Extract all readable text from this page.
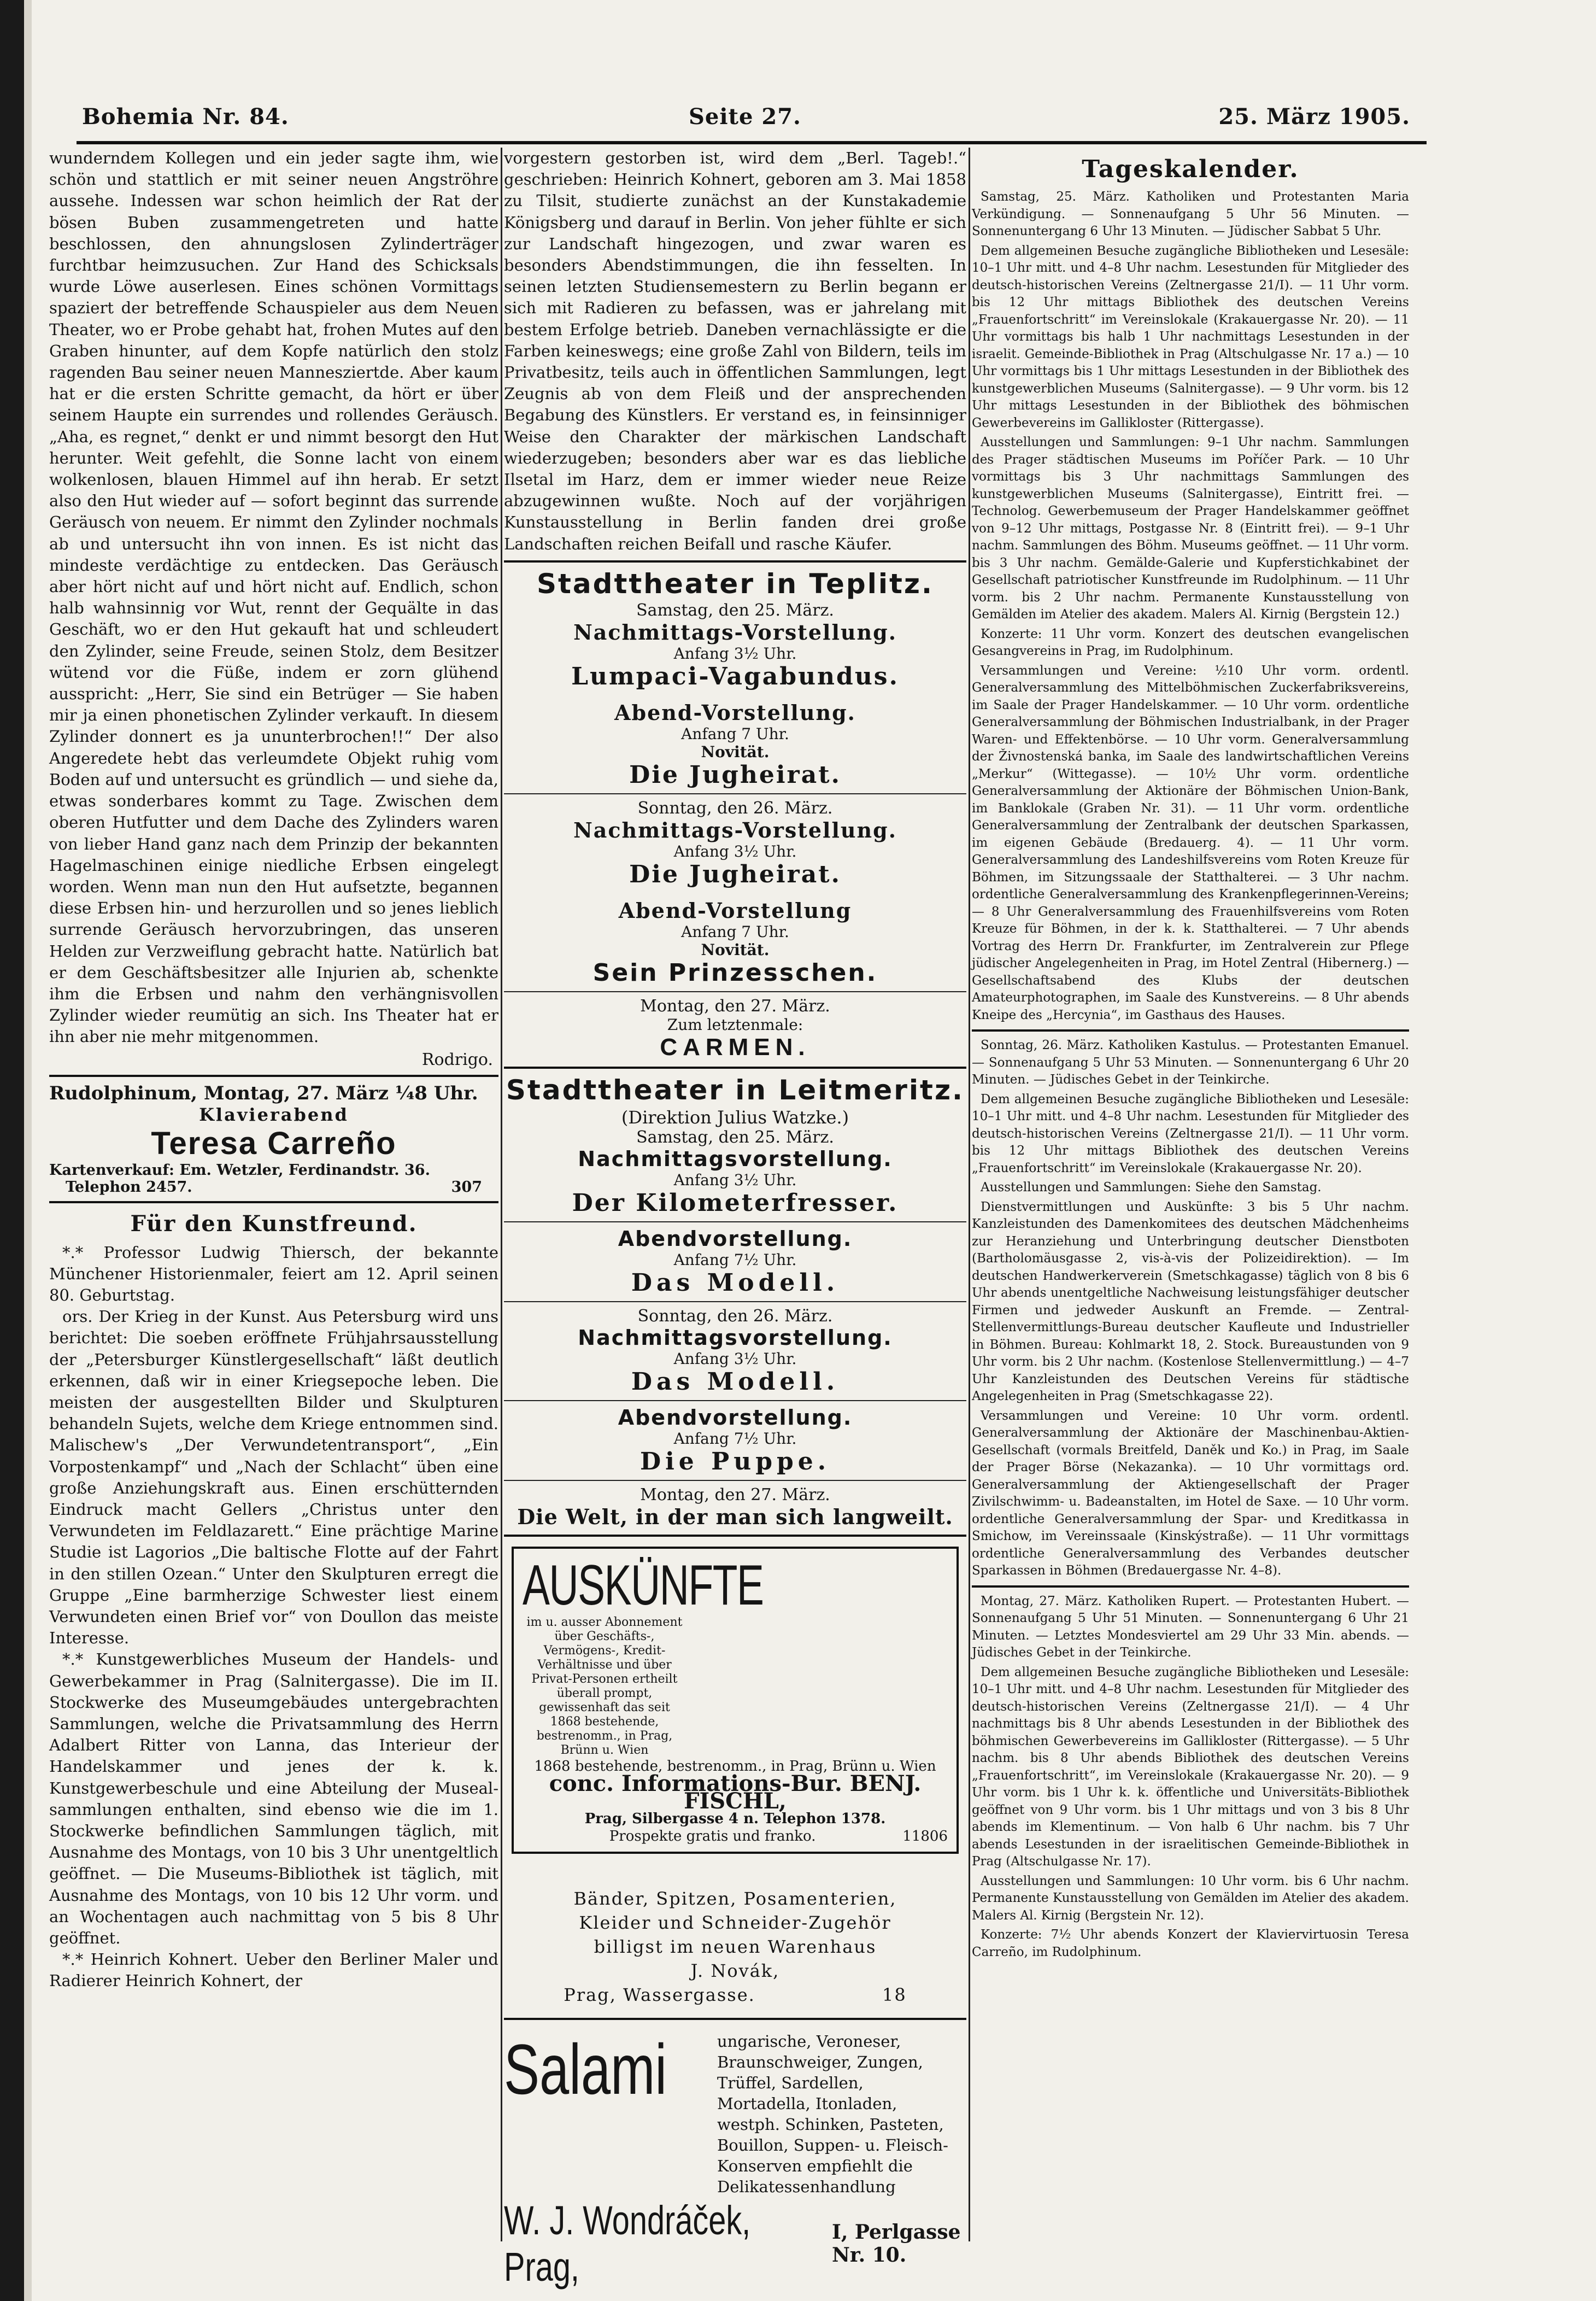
Bohemia Nr. 84.	Seite 27.	25. März 1905.

wunderndem Kollegen und ein jeder sagte ihm, wie schön und stattlich er mit seiner neuen Angströhre aussehe. Indessen war schon heimlich der Rat der bösen Buben zusammengetreten und hatte beschlossen, den ahnungslosen Zylinderträger furchtbar heimzusuchen. Zur Hand des Schicksals wurde Löwe auserlesen. Eines schönen Vormittags spaziert der betreffende Schauspieler aus dem Neuen Theater, wo er Probe gehabt hat, frohen Mutes auf den Graben hinunter, auf dem Kopfe natürlich den stolz ragenden Bau seiner neuen Mannesziertde. Aber kaum hat er die ersten Schritte gemacht, da hört er über seinem Haupte ein surrendes und rollendes Geräusch. „Aha, es regnet,“ denkt er und nimmt besorgt den Hut herunter. Weit gefehlt, die Sonne lacht von einem wolkenlosen, blauen Himmel auf ihn herab. Er setzt also den Hut wieder auf — sofort beginnt das surrende Geräusch von neuem. Er nimmt den Zylinder nochmals ab und untersucht ihn von innen. Es ist nicht das mindeste verdächtige zu entdecken. Das Geräusch aber hört nicht auf und hört nicht auf. Endlich, schon halb wahnsinnig vor Wut, rennt der Gequälte in das Geschäft, wo er den Hut gekauft hat und schleudert den Zylinder, seine Freude, seinen Stolz, dem Besitzer wütend vor die Füße, indem er zorn glühend ausspricht: „Herr, Sie sind ein Betrüger — Sie haben mir ja einen phonetischen Zylinder verkauft. In diesem Zylinder donnert es ja ununterbrochen!!“ Der also Angeredete hebt das verleumdete Objekt ruhig vom Boden auf und untersucht es gründlich — und siehe da, etwas sonderbares kommt zu Tage. Zwischen dem oberen Hutfutter und dem Dache des Zylinders waren von lieber Hand ganz nach dem Prinzip der bekannten Hagelmaschinen einige niedliche Erbsen eingelegt worden. Wenn man nun den Hut aufsetzte, begannen diese Erbsen hin- und herzurollen und so jenes lieblich surrende Geräusch hervorzubringen, das unseren Helden zur Verzweiflung gebracht hatte. Natürlich bat er dem Geschäftsbesitzer alle Injurien ab, schenkte ihm die Erbsen und nahm den verhängnisvollen Zylinder wieder reumütig an sich. Ins Theater hat er ihn aber nie mehr mitgenommen.

Rodrigo.
Rudolphinum, Montag, 27. März ¼8 Uhr.
Klavierabend
Teresa Carreño
Kartenverkauf: Em. Wetzler, Ferdinandstr. 36.
Telephon 2457.	307
Für den Kunstfreund.

*.* Professor Ludwig Thiersch, der bekannte Münchener Historienmaler, feiert am 12. April seinen 80. Geburtstag.

ors. Der Krieg in der Kunst. Aus Petersburg wird uns berichtet: Die soeben eröffnete Frühjahrsausstellung der „Petersburger Künstlergesellschaft“ läßt deutlich erkennen, daß wir in einer Kriegsepoche leben. Die meisten der ausgestellten Bilder und Skulpturen behandeln Sujets, welche dem Kriege entnommen sind. Malischew's „Der Verwundetentransport“, „Ein Vorpostenkampf“ und „Nach der Schlacht“ üben eine große Anziehungskraft aus. Einen erschütternden Eindruck macht Gellers „Christus unter den Verwundeten im Feldlazarett.“ Eine prächtige Marine Studie ist Lagorios „Die baltische Flotte auf der Fahrt in den stillen Ozean.“ Unter den Skulpturen erregt die Gruppe „Eine barmherzige Schwester liest einem Verwundeten einen Brief vor“ von Doullon das meiste Interesse.

*.* Kunstgewerbliches Museum der Handels- und Gewerbekammer in Prag (Salnitergasse). Die im II. Stockwerke des Museumgebäudes untergebrachten Sammlungen, welche die Privatsammlung des Herrn Adalbert Ritter von Lanna, das Interieur der Handelskammer und jenes der k. k. Kunstgewerbeschule und eine Abteilung der Musealsammlungen enthalten, sind ebenso wie die im 1. Stockwerke befindlichen Sammlungen täglich, mit Ausnahme des Montags, von 10 bis 3 Uhr unentgeltlich geöffnet. — Die Museums-Bibliothek ist täglich, mit Ausnahme des Montags, von 10 bis 12 Uhr vorm. und an Wochentagen auch nachmittag von 5 bis 8 Uhr geöffnet.

*.* Heinrich Kohnert. Ueber den Berliner Maler und Radierer Heinrich Kohnert, der

vorgestern gestorben ist, wird dem „Berl. Tageb!.“ geschrieben: Heinrich Kohnert, geboren am 3. Mai 1858 zu Tilsit, studierte zunächst an der Kunstakademie Königsberg und darauf in Berlin. Von jeher fühlte er sich zur Landschaft hingezogen, und zwar waren es besonders Abendstimmungen, die ihn fesselten. In seinen letzten Studiensemestern zu Berlin begann er sich mit Radieren zu befassen, was er jahrelang mit bestem Erfolge betrieb. Daneben vernachlässigte er die Farben keineswegs; eine große Zahl von Bildern, teils im Privatbesitz, teils auch in öffentlichen Sammlungen, legt Zeugnis ab von dem Fleiß und der ansprechenden Begabung des Künstlers. Er verstand es, in feinsinniger Weise den Charakter der märkischen Landschaft wiederzugeben; besonders aber war es das liebliche Ilsetal im Harz, dem er immer wieder neue Reize abzugewinnen wußte. Noch auf der vorjährigen Kunstausstellung in Berlin fanden drei große Landschaften reichen Beifall und rasche Käufer.

Stadttheater in Teplitz.
Samstag, den 25. März.
Nachmittags-Vorstellung.
Anfang 3½ Uhr.
Lumpaci-Vagabundus.
Abend-Vorstellung.
Anfang 7 Uhr.
Novität.
Die Jugheirat.
Sonntag, den 26. März.
Nachmittags-Vorstellung.
Anfang 3½ Uhr.
Die Jugheirat.
Abend-Vorstellung
Anfang 7 Uhr.
Novität.
Sein Prinzesschen.
Montag, den 27. März.
Zum letztenmale:
CARMEN.
Stadttheater in Leitmeritz.
(Direktion Julius Watzke.)
Samstag, den 25. März.
Nachmittagsvorstellung.
Anfang 3½ Uhr.
Der Kilometerfresser.
Abendvorstellung.
Anfang 7½ Uhr.
Das Modell.
Sonntag, den 26. März.
Nachmittagsvorstellung.
Anfang 3½ Uhr.
Das Modell.
Abendvorstellung.
Anfang 7½ Uhr.
Die Puppe.
Montag, den 27. März.
Die Welt, in der man sich langweilt.
AUSKÜNFTE
im u. ausser Abonnement über Geschäfts-, Vermögens-, Kredit-Verhältnisse und über Privat-Personen ertheilt überall prompt, gewissenhaft das seit 1868 bestehende, bestrenomm., in Prag, Brünn u. Wien
1868 bestehende, bestrenomm., in Prag, Brünn u. Wien
conc. Informations-Bur. BENJ. FISCHL,
Prag, Silbergasse 4 n. Telephon 1378.
Prospekte gratis und franko.	11806
Bänder, Spitzen, Posamenterien,
Kleider und Schneider-Zugehör
billigst im neuen Warenhaus
J. Novák,
Prag, Wassergasse.	18
Salami	ungarische, Veroneser, Braunschweiger, Zungen, Trüffel, Sardellen, Mortadella, Itonladen, westph. Schinken, Pasteten, Bouillon, Suppen- u. Fleisch-Konserven empfiehlt die Delikatessenhandlung
W. J. Wondráček, Prag,
I, Perlgasse
Nr. 10.
Tageskalender.

Samstag, 25. März. Katholiken und Protestanten Maria Verkündigung. — Sonnenaufgang 5 Uhr 56 Minuten. — Sonnenuntergang 6 Uhr 13 Minuten. — Jüdischer Sabbat 5 Uhr.

Dem allgemeinen Besuche zugängliche Bibliotheken und Lesesäle: 10–1 Uhr mitt. und 4–8 Uhr nachm. Lesestunden für Mitglieder des deutsch-historischen Vereins (Zeltnergasse 21/I). — 11 Uhr vorm. bis 12 Uhr mittags Bibliothek des deutschen Vereins „Frauenfortschritt“ im Vereinslokale (Krakauergasse Nr. 20). — 11 Uhr vormittags bis halb 1 Uhr nachmittags Lesestunden in der israelit. Gemeinde-Bibliothek in Prag (Altschulgasse Nr. 17 a.) — 10 Uhr vormittags bis 1 Uhr mittags Lesestunden in der Bibliothek des kunstgewerblichen Museums (Salnitergasse). — 9 Uhr vorm. bis 12 Uhr mittags Lesestunden in der Bibliothek des böhmischen Gewerbevereins im Gallikloster (Rittergasse).

Ausstellungen und Sammlungen: 9–1 Uhr nachm. Sammlungen des Prager städtischen Museums im Poříčer Park. — 10 Uhr vormittags bis 3 Uhr nachmittags Sammlungen des kunstgewerblichen Museums (Salnitergasse), Eintritt frei. — Technolog. Gewerbemuseum der Prager Handelskammer geöffnet von 9–12 Uhr mittags, Postgasse Nr. 8 (Eintritt frei). — 9–1 Uhr nachm. Sammlungen des Böhm. Museums geöffnet. — 11 Uhr vorm. bis 3 Uhr nachm. Gemälde-Galerie und Kupferstichkabinet der Gesellschaft patriotischer Kunstfreunde im Rudolphinum. — 11 Uhr vorm. bis 2 Uhr nachm. Permanente Kunstausstellung von Gemälden im Atelier des akadem. Malers Al. Kirnig (Bergstein 12.)

Konzerte: 11 Uhr vorm. Konzert des deutschen evangelischen Gesangvereins in Prag, im Rudolphinum.

Versammlungen und Vereine: ½10 Uhr vorm. ordentl. Generalversammlung des Mittelböhmischen Zuckerfabriksvereins, im Saale der Prager Handelskammer. — 10 Uhr vorm. ordentliche Generalversammlung der Böhmischen Industrialbank, in der Prager Waren- und Effektenbörse. — 10 Uhr vorm. Generalversammlung der Živnostenská banka, im Saale des landwirtschaftlichen Vereins „Merkur“ (Wittegasse). — 10½ Uhr vorm. ordentliche Generalversammlung der Aktionäre der Böhmischen Union-Bank, im Banklokale (Graben Nr. 31). — 11 Uhr vorm. ordentliche Generalversammlung der Zentralbank der deutschen Sparkassen, im eigenen Gebäude (Bredauerg. 4). — 11 Uhr vorm. Generalversammlung des Landeshilfsvereins vom Roten Kreuze für Böhmen, im Sitzungssaale der Statthalterei. — 3 Uhr nachm. ordentliche Generalversammlung des Krankenpflegerinnen-Vereins; — 8 Uhr Generalversammlung des Frauenhilfsvereins vom Roten Kreuze für Böhmen, in der k. k. Statthalterei. — 7 Uhr abends Vortrag des Herrn Dr. Frankfurter, im Zentralverein zur Pflege jüdischer Angelegenheiten in Prag, im Hotel Zentral (Hibernerg.) — Gesellschaftsabend des Klubs der deutschen Amateurphotographen, im Saale des Kunstvereins. — 8 Uhr abends Kneipe des „Hercynia“, im Gasthaus des Hauses.

Sonntag, 26. März. Katholiken Kastulus. — Protestanten Emanuel. — Sonnenaufgang 5 Uhr 53 Minuten. — Sonnenuntergang 6 Uhr 20 Minuten. — Jüdisches Gebet in der Teinkirche.

Dem allgemeinen Besuche zugängliche Bibliotheken und Lesesäle: 10–1 Uhr mitt. und 4–8 Uhr nachm. Lesestunden für Mitglieder des deutsch-historischen Vereins (Zeltnergasse 21/I). — 11 Uhr vorm. bis 12 Uhr mittags Bibliothek des deutschen Vereins „Frauenfortschritt“ im Vereinslokale (Krakauergasse Nr. 20).

Ausstellungen und Sammlungen: Siehe den Samstag.

Dienstvermittlungen und Auskünfte: 3 bis 5 Uhr nachm. Kanzleistunden des Damenkomitees des deutschen Mädchenheims zur Heranziehung und Unterbringung deutscher Dienstboten (Bartholomäusgasse 2, vis-à-vis der Polizeidirektion). — Im deutschen Handwerkerverein (Smetschkagasse) täglich von 8 bis 6 Uhr abends unentgeltliche Nachweisung leistungsfähiger deutscher Firmen und jedweder Auskunft an Fremde. — Zentral-Stellenvermittlungs-Bureau deutscher Kaufleute und Industrieller in Böhmen. Bureau: Kohlmarkt 18, 2. Stock. Bureaustunden von 9 Uhr vorm. bis 2 Uhr nachm. (Kostenlose Stellenvermittlung.) — 4–7 Uhr Kanzleistunden des Deutschen Vereins für städtische Angelegenheiten in Prag (Smetschkagasse 22).

Versammlungen und Vereine: 10 Uhr vorm. ordentl. Generalversammlung der Aktionäre der Maschinenbau-Aktien-Gesellschaft (vormals Breitfeld, Daněk und Ko.) in Prag, im Saale der Prager Börse (Nekazanka). — 10 Uhr vormittags ord. Generalversammlung der Aktiengesellschaft der Prager Zivilschwimm- u. Badeanstalten, im Hotel de Saxe. — 10 Uhr vorm. ordentliche Generalversammlung der Spar- und Kreditkassa in Smichow, im Vereinssaale (Kinskýstraße). — 11 Uhr vormittags ordentliche Generalversammlung des Verbandes deutscher Sparkassen in Böhmen (Bredauergasse Nr. 4–8).

Montag, 27. März. Katholiken Rupert. — Protestanten Hubert. — Sonnenaufgang 5 Uhr 51 Minuten. — Sonnenuntergang 6 Uhr 21 Minuten. — Letztes Mondesviertel am 29 Uhr 33 Min. abends. — Jüdisches Gebet in der Teinkirche.

Dem allgemeinen Besuche zugängliche Bibliotheken und Lesesäle: 10–1 Uhr mitt. und 4–8 Uhr nachm. Lesestunden für Mitglieder des deutsch-historischen Vereins (Zeltnergasse 21/I). — 4 Uhr nachmittags bis 8 Uhr abends Lesestunden in der Bibliothek des böhmischen Gewerbevereins im Gallikloster (Rittergasse). — 5 Uhr nachm. bis 8 Uhr abends Bibliothek des deutschen Vereins „Frauenfortschritt“, im Vereinslokale (Krakauergasse Nr. 20). — 9 Uhr vorm. bis 1 Uhr k. k. öffentliche und Universitäts-Bibliothek geöffnet von 9 Uhr vorm. bis 1 Uhr mittags und von 3 bis 8 Uhr abends im Klementinum. — Von halb 6 Uhr nachm. bis 7 Uhr abends Lesestunden in der israelitischen Gemeinde-Bibliothek in Prag (Altschulgasse Nr. 17).

Ausstellungen und Sammlungen: 10 Uhr vorm. bis 6 Uhr nachm. Permanente Kunstausstellung von Gemälden im Atelier des akadem. Malers Al. Kirnig (Bergstein Nr. 12).

Konzerte: 7½ Uhr abends Konzert der Klaviervirtuosin Teresa Carreño, im Rudolphinum.
